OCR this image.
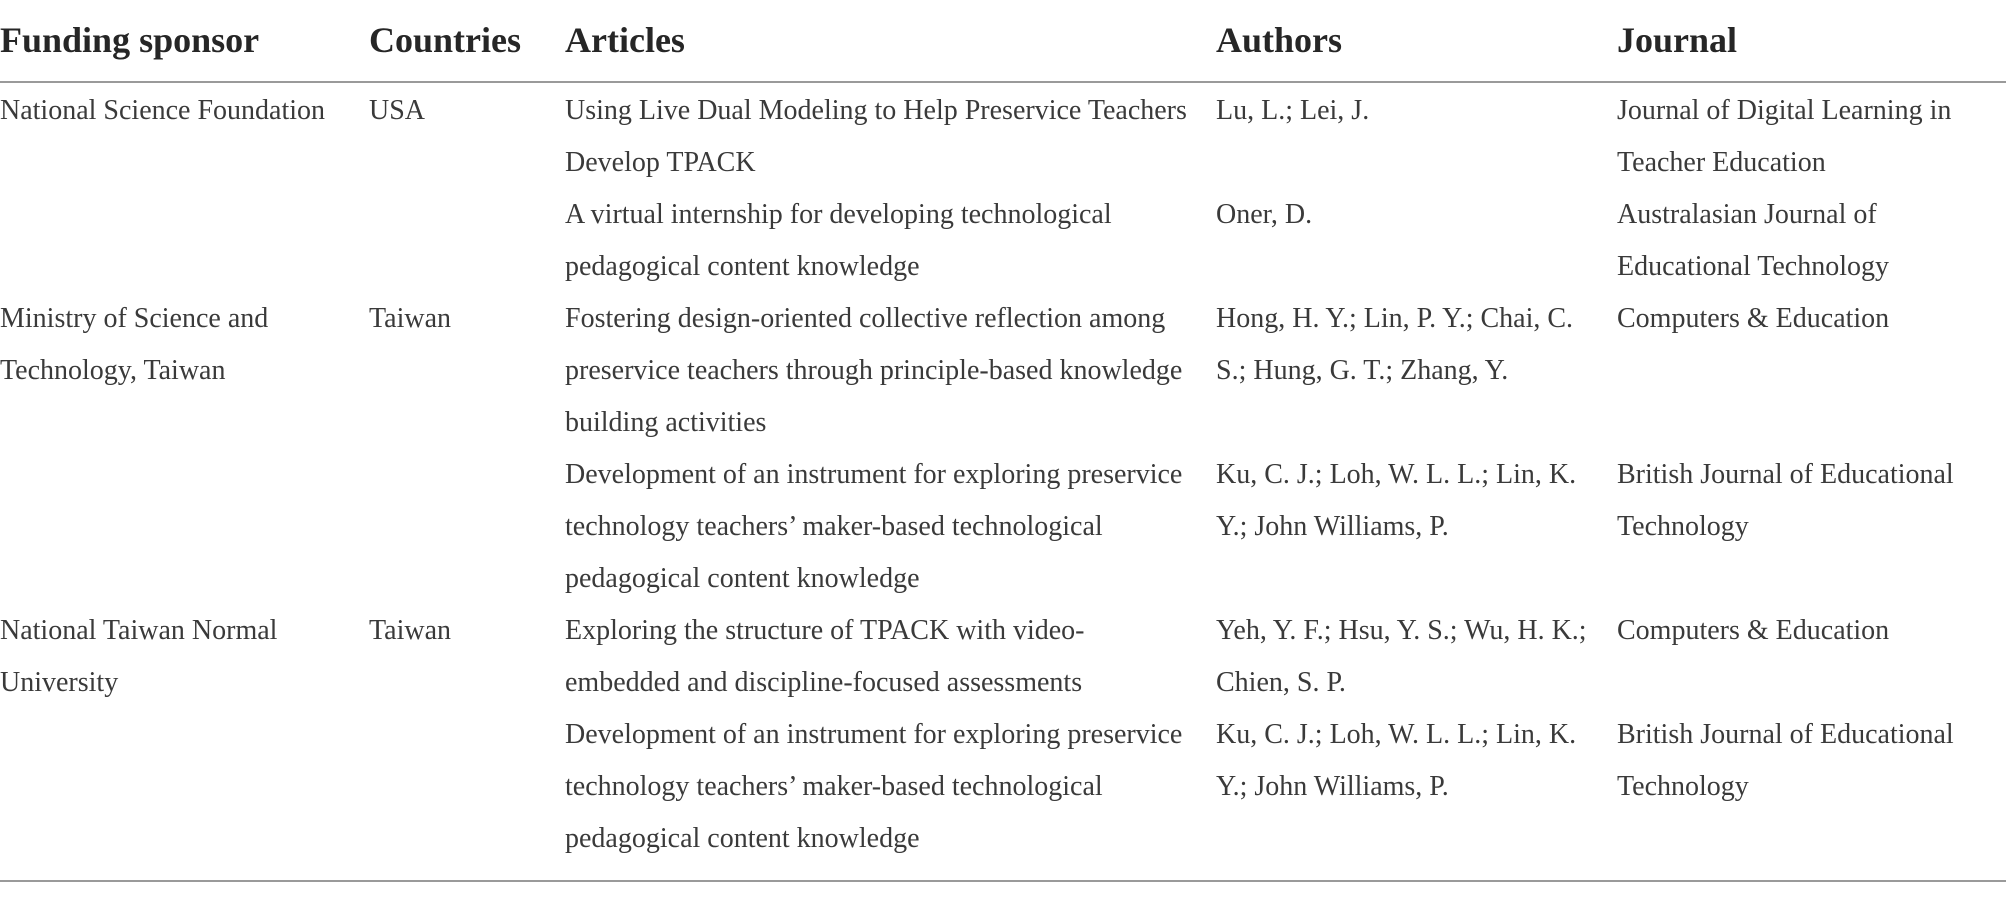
Funding sponsor	Countries	Articles	Authors	Journal

National Science Foundation	USA	Using Live Dual Modeling to Help Preservice Teachers Develop TPACK	Lu, L.; Lei, J.	Journal of Digital Learning in Teacher Education

		A virtual internship for developing technological pedagogical content knowledge	Oner, D.	Australasian Journal of Educational Technology

Ministry of Science and Technology, Taiwan	Taiwan	Fostering design-oriented collective reflection among preservice teachers through principle-based knowledge building activities	Hong, H. Y.; Lin, P. Y.; Chai, C. S.; Hung, G. T.; Zhang, Y.	Computers & Education

		Development of an instrument for exploring preservice technology teachers’ maker-based technological pedagogical content knowledge	Ku, C. J.; Loh, W. L. L.; Lin, K. Y.; John Williams, P.	British Journal of Educational Technology

National Taiwan Normal University	Taiwan	Exploring the structure of TPACK with video-embedded and discipline-focused assessments	Yeh, Y. F.; Hsu, Y. S.; Wu, H. K.; Chien, S. P.	Computers & Education

		Development of an instrument for exploring preservice technology teachers’ maker-based technological pedagogical content knowledge	Ku, C. J.; Loh, W. L. L.; Lin, K. Y.; John Williams, P.	British Journal of Educational Technology
